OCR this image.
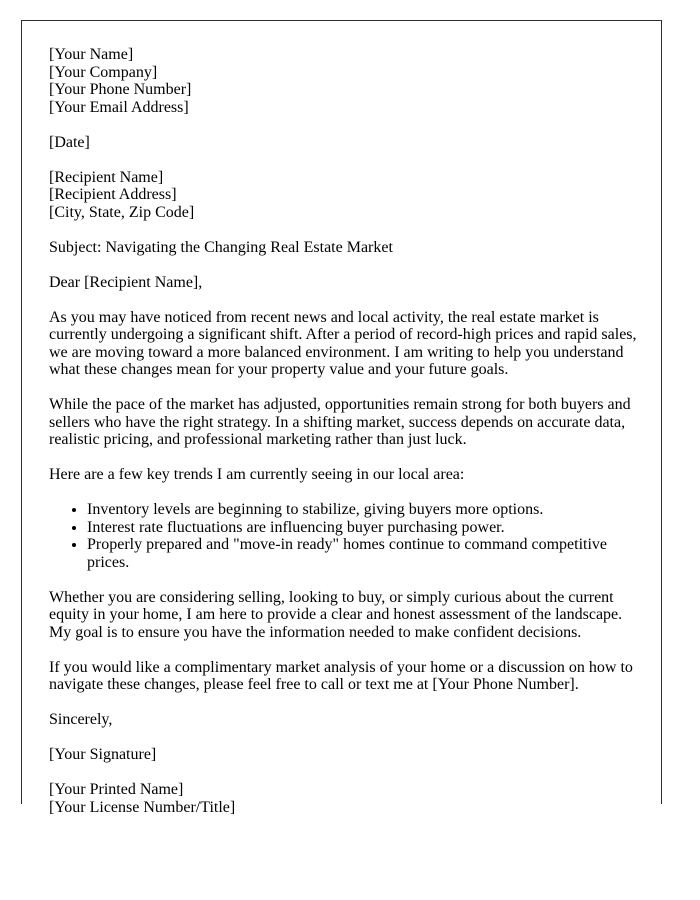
[Your Name]
[Your Company]
[Your Phone Number]
[Your Email Address]
[Date]
[Recipient Name]
[Recipient Address]
[City, State, Zip Code]
Subject: Navigating the Changing Real Estate Market
Dear [Recipient Name],
As you may have noticed from recent news and local activity, the real estate market is currently undergoing a significant shift. After a period of record-high prices and rapid sales, we are moving toward a more balanced environment. I am writing to help you understand what these changes mean for your property value and your future goals.
While the pace of the market has adjusted, opportunities remain strong for both buyers and sellers who have the right strategy. In a shifting market, success depends on accurate data, realistic pricing, and professional marketing rather than just luck.
Here are a few key trends I am currently seeing in our local area:
• Inventory levels are beginning to stabilize, giving buyers more options.
• Interest rate fluctuations are influencing buyer purchasing power.
• Properly prepared and "move-in ready" homes continue to command competitive prices.
Whether you are considering selling, looking to buy, or simply curious about the current equity in your home, I am here to provide a clear and honest assessment of the landscape. My goal is to ensure you have the information needed to make confident decisions.
If you would like a complimentary market analysis of your home or a discussion on how to navigate these changes, please feel free to call or text me at [Your Phone Number].
Sincerely,
[Your Signature]
[Your Printed Name]
[Your License Number/Title]
